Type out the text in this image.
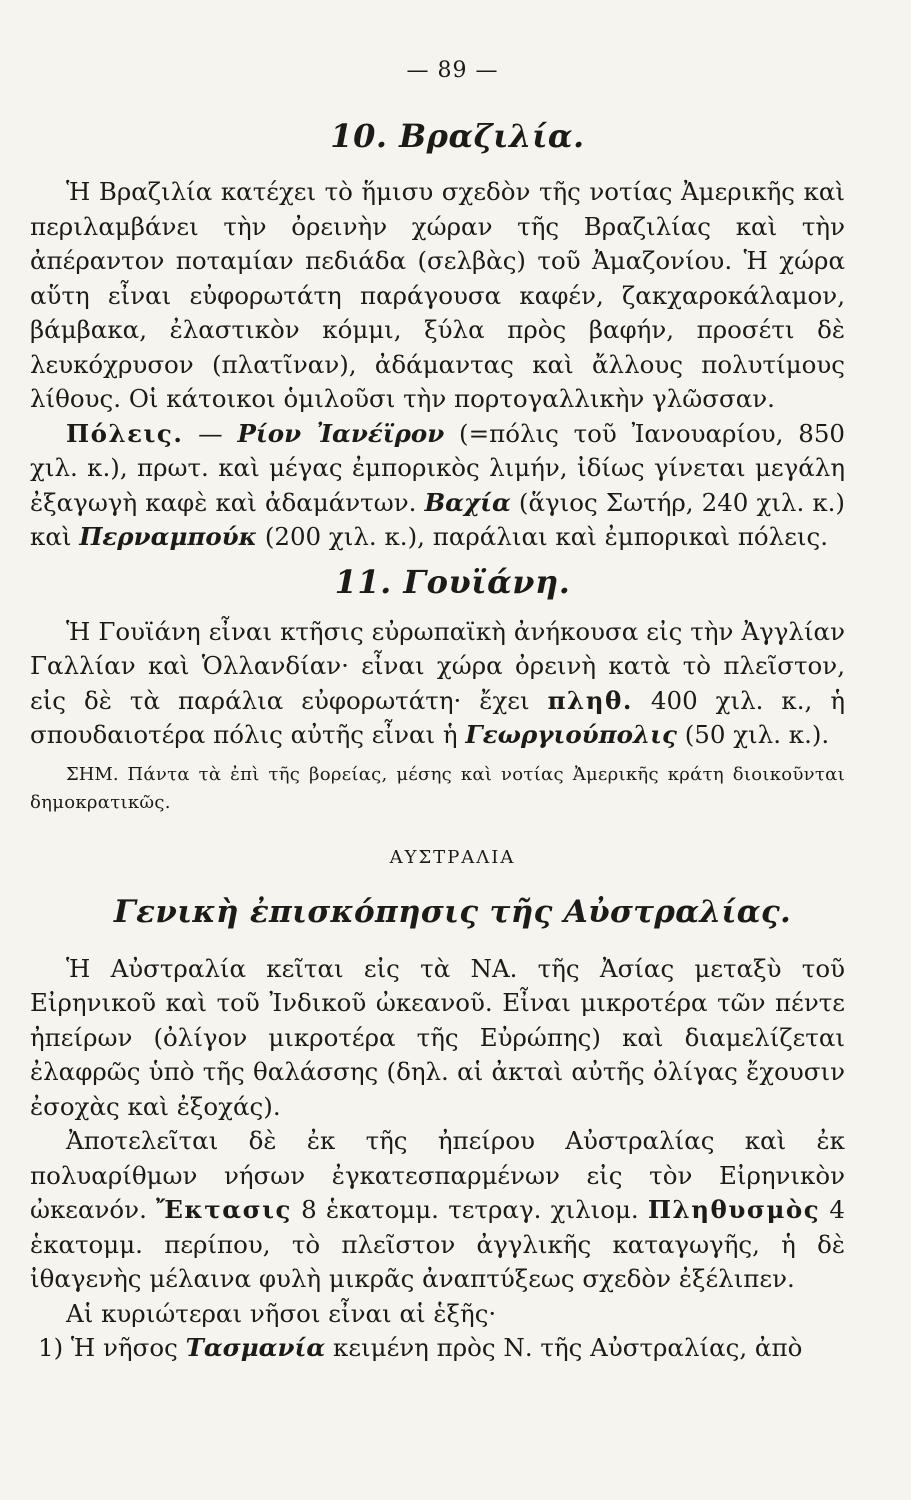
— 89 —
10. Βραζιλία.

Ἡ Βραζιλία κατέχει τὸ ἥμισυ σχεδὸν τῆς νοτίας Ἀμερικῆς καὶ περιλαμβάνει τὴν ὀρεινὴν χώραν τῆς Βραζιλίας καὶ τὴν ἀπέραντον ποταμίαν πεδιάδα (σελβὰς) τοῦ Ἀμαζονίου. Ἡ χώρα αὕτη εἶναι εὐφορωτάτη παράγουσα καφέν, ζακχαροκάλαμον, βάμβακα, ἐλαστικὸν κόμμι, ξύλα πρὸς βαφήν, προσέτι δὲ λευκόχρυσον (πλατῖναν), ἀδάμαντας καὶ ἄλλους πολυτίμους λίθους. Οἱ κάτοικοι ὁμιλοῦσι τὴν πορτογαλλικὴν γλῶσσαν.

Πόλεις. — Ρίον Ἰανέϊρον (=πόλις τοῦ Ἰανουαρίου, 850 χιλ. κ.), πρωτ. καὶ μέγας ἐμπορικὸς λιμήν, ἰδίως γίνεται μεγάλη ἐξαγωγὴ καφὲ καὶ ἀδαμάντων. Βαχία (ἅγιος Σωτήρ, 240 χιλ. κ.) καὶ Περναμπούκ (200 χιλ. κ.), παράλιαι καὶ ἐμπορικαὶ πόλεις.

11. Γουϊάνη.

Ἡ Γουϊάνη εἶναι κτῆσις εὐρωπαϊκὴ ἀνήκουσα εἰς τὴν Ἀγγλίαν Γαλλίαν καὶ Ὁλλανδίαν· εἶναι χώρα ὀρεινὴ κατὰ τὸ πλεῖστον, εἰς δὲ τὰ παράλια εὐφορωτάτη· ἔχει πληθ. 400 χιλ. κ., ἡ σπουδαιοτέρα πόλις αὐτῆς εἶναι ἡ Γεωργιούπολις (50 χιλ. κ.).

ΣΗΜ. Πάντα τὰ ἐπὶ τῆς βορείας, μέσης καὶ νοτίας Ἀμερικῆς κράτη διοικοῦνται δημοκρατικῶς.

ΑΥΣΤΡΑΛΙΑ
Γενικὴ ἐπισκόπησις τῆς Αὐστραλίας.

Ἡ Αὐστραλία κεῖται εἰς τὰ ΝΑ. τῆς Ἀσίας μεταξὺ τοῦ Εἰρηνικοῦ καὶ τοῦ Ἰνδικοῦ ὠκεανοῦ. Εἶναι μικροτέρα τῶν πέντε ἠπείρων (ὀλίγον μικροτέρα τῆς Εὐρώπης) καὶ διαμελίζεται ἐλαφρῶς ὑπὸ τῆς θαλάσσης (δηλ. αἱ ἀκταὶ αὐτῆς ὀλίγας ἔχουσιν ἐσοχὰς καὶ ἐξοχάς).

Ἀποτελεῖται δὲ ἐκ τῆς ἠπείρου Αὐστραλίας καὶ ἐκ πολυαρίθμων νήσων ἐγκατεσπαρμένων εἰς τὸν Εἰρηνικὸν ὠκεανόν. Ἔκτασις 8 ἑκατομμ. τετραγ. χιλιομ. Πληθυσμὸς 4 ἑκατομμ. περίπου, τὸ πλεῖστον ἀγγλικῆς καταγωγῆς, ἡ δὲ ἰθαγενὴς μέλαινα φυλὴ μικρᾶς ἀναπτύξεως σχεδὸν ἐξέλιπεν.

Αἱ κυριώτεραι νῆσοι εἶναι αἱ ἑξῆς·

1) Ἡ νῆσος Τασμανία κειμένη πρὸς Ν. τῆς Αὐστραλίας, ἀπὸ
